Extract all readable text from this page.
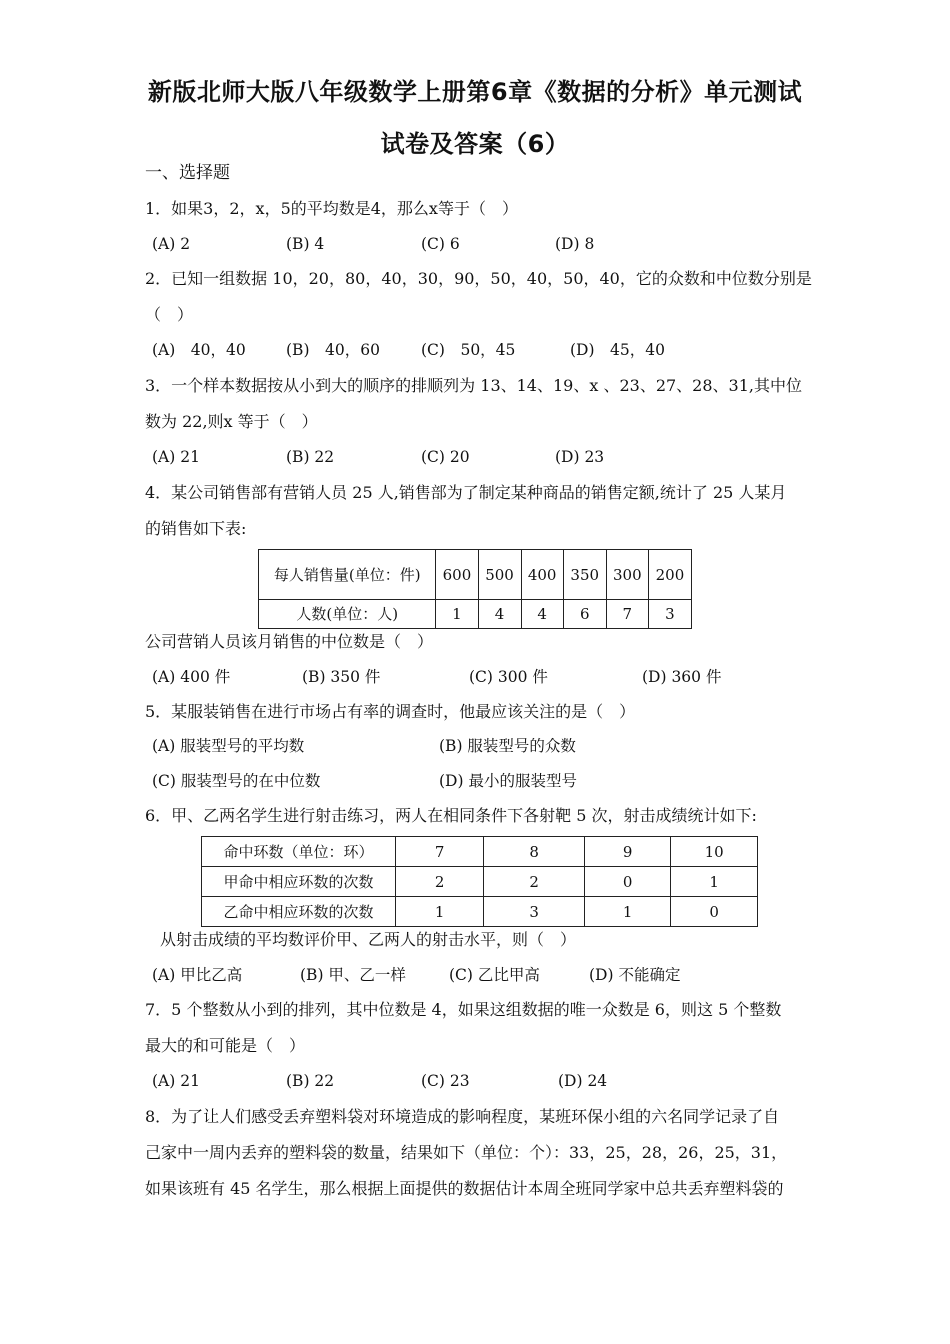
新版北师大版八年级数学上册第6章《数据的分析》单元测试
试卷及答案（6）
一、选择题
1．如果3，2，x，5的平均数是4，那么x等于（　）
(A) 2	(B) 4	(C) 6	(D) 8
2．已知一组数据 10，20，80，40，30，90，50，40，50，40，它的众数和中位数分别是
（　）
(A)　40，40	(B)　40，60	(C)　50，45	(D)　45，40
3．一个样本数据按从小到大的顺序的排顺列为 13、14、19、x 、23、27、28、31,其中位
数为 22,则x 等于（　）
(A) 21	(B) 22	(C) 20	(D) 23
4．某公司销售部有营销人员 25 人,销售部为了制定某种商品的销售定额,统计了 25 人某月
的销售如下表:
每人销售量(单位：件)	600	500	400	350	300	200
人数(单位：人)	1	4	4	6	7	3
公司营销人员该月销售的中位数是（　）
(A) 400 件	(B) 350 件	(C) 300 件	(D) 360 件
5．某服装销售在进行市场占有率的调查时，他最应该关注的是（　）
(A) 服装型号的平均数	(B) 服装型号的众数
(C) 服装型号的在中位数	(D) 最小的服装型号
6．甲、乙两名学生进行射击练习，两人在相同条件下各射靶 5 次，射击成绩统计如下:
命中环数（单位：环）	7	8	9	10
甲命中相应环数的次数	2	2	0	1
乙命中相应环数的次数	1	3	1	0
从射击成绩的平均数评价甲、乙两人的射击水平，则（　）
(A) 甲比乙高	(B) 甲、乙一样	(C) 乙比甲高	(D) 不能确定
7．5 个整数从小到的排列，其中位数是 4，如果这组数据的唯一众数是 6，则这 5 个整数
最大的和可能是（　）
(A) 21	(B) 22	(C) 23	(D) 24
8．为了让人们感受丢弃塑料袋对环境造成的影响程度，某班环保小组的六名同学记录了自
己家中一周内丢弃的塑料袋的数量，结果如下（单位：个）：33，25，28，26，25，31，
如果该班有 45 名学生，那么根据上面提供的数据估计本周全班同学家中总共丢弃塑料袋的
